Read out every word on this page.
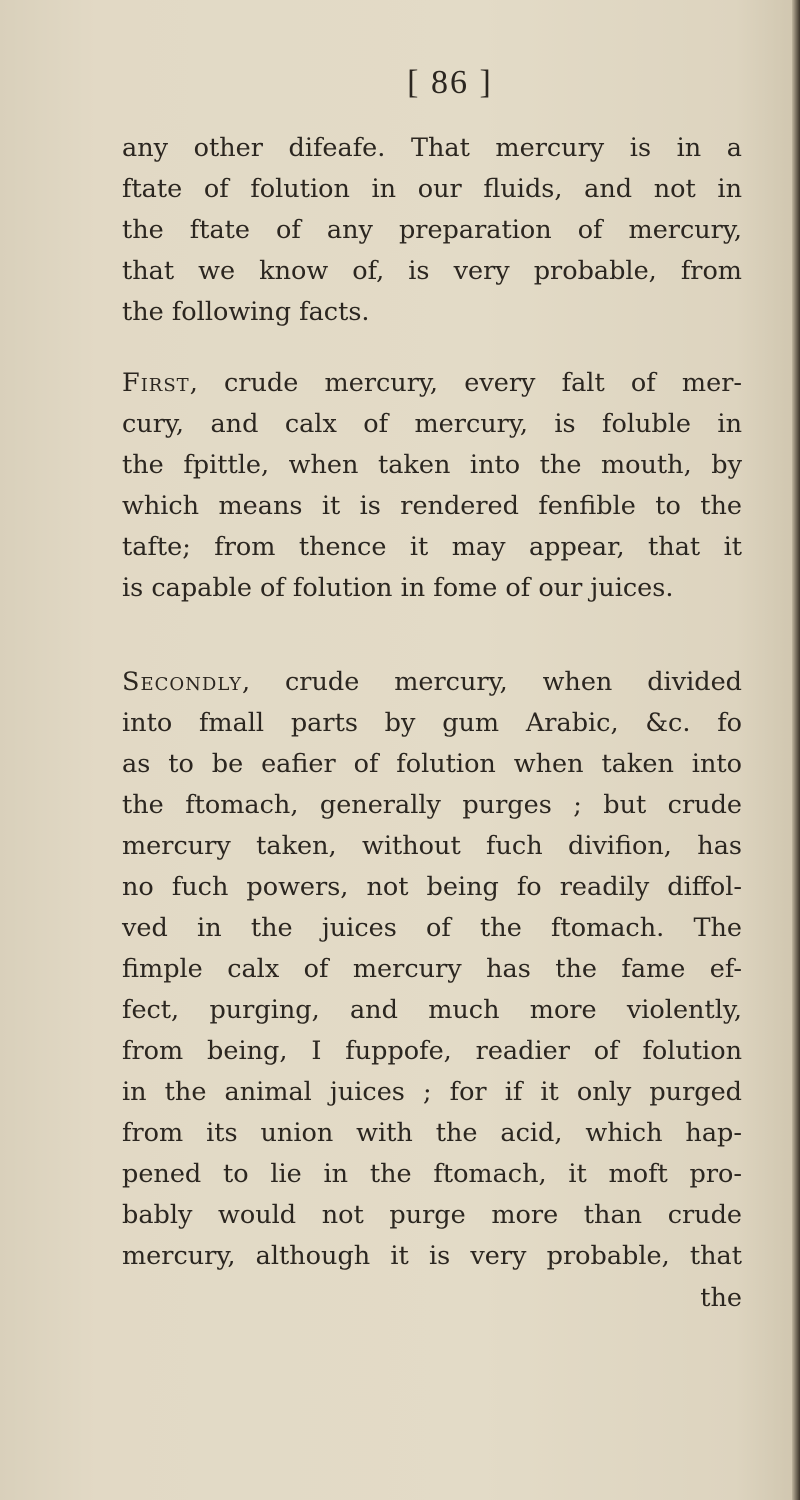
[ 86 ]

any other difeafe. That mercury is in a

ftate of folution in our fluids, and not in

the ftate of any preparation of mercury,

that we know of, is very probable, from

the following facts.

First, crude mercury, every falt of mer-

cury, and calx of mercury, is foluble in

the fpittle, when taken into the mouth, by

which means it is rendered fenfible to the

tafte; from thence it may appear, that it

is capable of folution in fome of our juices.

Secondly, crude mercury, when divided

into fmall parts by gum Arabic, &c. fo

as to be eafier of folution when taken into

the ftomach, generally purges ; but crude

mercury taken, without fuch divifion, has

no fuch powers, not being fo readily diffol-

ved in the juices of the ftomach. The

fimple calx of mercury has the fame ef-

fect, purging, and much more violently,

from being, I fuppofe, readier of folution

in the animal juices ; for if it only purged

from its union with the acid, which hap-

pened to lie in the ftomach, it moft pro-

bably would not purge more than crude

mercury, although it is very probable, that

the
